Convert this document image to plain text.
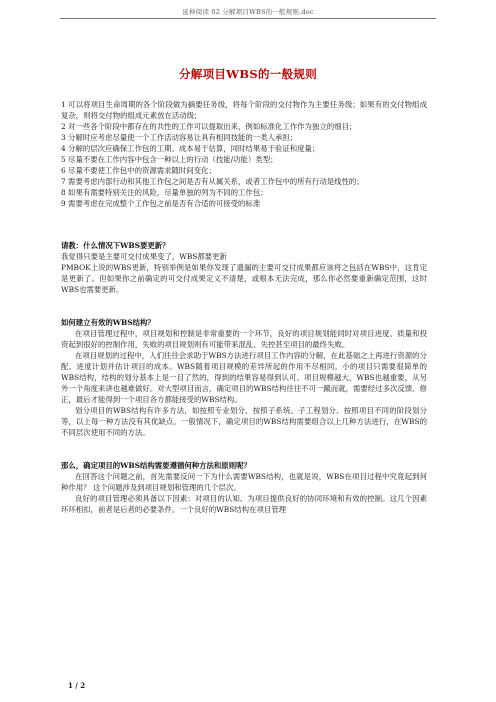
延伸阅读 02 分解项目WBS的一般规则.doc
分解项目WBS的一般规则

1 可以将项目生命周期的各个阶段做为摘要任务级，将每个阶段的交付物作为主要任务级；如果有的交付物组成复杂，则将交付物的组成元素放在活动级；

2 对一些各个阶段中都存在的共性的工作可以提取出来，例如标准化工作作为独立的细目；

3 分解时应考虑尽量使一个工作活动容易让具有相同技能的一类人承担；

4 分解的层次应确保工作包的工期、成本易于估算，同时结果易于验证和度量；

5 尽量不要在工作内容中包含一种以上的行动（技能/功能）类型；

6 尽量不要使工作包中的资源需求随时间变化；

7 需要考虑内部行动和其他工作包之间是否有从属关系，或者工作包中的所有行动是线性的；

8 如果有需要特别关注的风险，尽量单独的列为不同的工作包；

9 需要考虑在完成整个工作包之前是否有合适的可接受的标准

请教：什么情况下WBS要更新？

我觉得只要是主要可交付成果变了，WBS都要更新

PMBOK上说的WBS更新，特别举例是如果你发现了遗漏的主要可交付成果都应该将之包括在WBS中，这肯定是更新了。但如果你之前确定的可交付成果定义不清楚，或根本无法完成，那么你必然要重新确定范围，这时WBS也需要更新。

如何建立有效的WBS结构？

在项目管理过程中，项目规划和控制是非常重要的一个环节，良好的项目规划能同时对项目进度、质量和投资起到很好的控制作用，失败的项目规划则有可能带来混乱、失控甚至项目的最终失败。

在项目规划的过程中，人们往往会求助于WBS方法进行项目工作内容的分解，在此基础之上再进行资源的分配、进度计划并估计项目的成本。WBS随着项目规模的差异所起的作用不尽相同。小的项目只需要很简单的WBS结构，结构的划分基本上是一目了然的，得到的结果容易得到认可。项目规模越大，WBS也越重要，从另外一个角度来讲也越难做好。对大型项目而言，确定项目的WBS结构往往不可一蹴而就，需要经过多次反馈、修正，最后才能得到一个项目各方都能接受的WBS结构。

划分项目的WBS结构有许多方法，如按照专业划分、按照子系统、子工程划分、按照项目不同的阶段划分等，以上每一种方法没有其优缺点。一般情况下，确定项目的WBS结构需要组合以上几种方法进行，在WBS的不同层次使用不同的方法。

那么，确定项目的WBS结构需要遵循何种方法和原则呢？

在回答这个问题之前，首先需要反问一下为什么需要WBS结构，也就是说，WBS在项目过程中究竟起到何种作用？ 这个问题涉及到项目规划和管理的几个层次。

良好的项目管理必须具备以下因素：对项目的认知、为项目提供良好的协同环境和有效的控制。这几个因素环环相扣，前者是后者的必要条件。一个良好的WBS结构在项目管理

1 / 2
